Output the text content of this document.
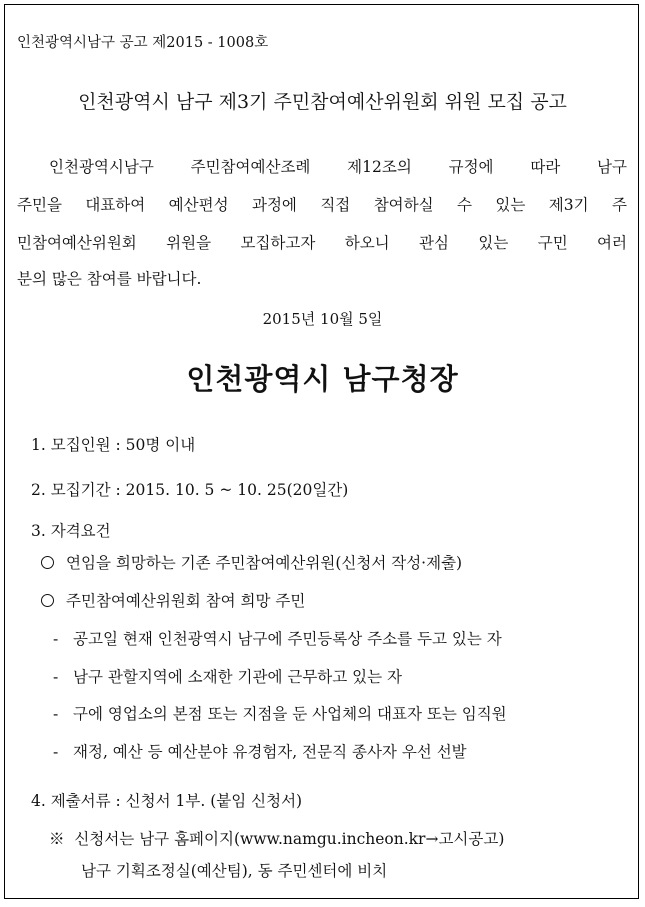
인천광역시남구 공고 제2015 - 1008호
인천광역시 남구 제3기 주민참여예산위원회 위원 모집 공고
인천광역시남구 주민참여예산조례 제12조의 규정에 따라 남구
주민을 대표하여 예산편성 과정에 직접 참여하실 수 있는 제3기 주
민참여예산위원회 위원을 모집하고자 하오니 관심 있는 구민 여러
분의 많은 참여를 바랍니다.
2015년 10월 5일
인천광역시 남구청장
1. 모집인원 : 50명 이내
2. 모집기간 : 2015. 10. 5 ~ 10. 25(20일간)
3. 자격요건
연임을 희망하는 기존 주민참여예산위원(신청서 작성·제출)
주민참여예산위원회 참여 희망 주민
- 공고일 현재 인천광역시 남구에 주민등록상 주소를 두고 있는 자
- 남구 관할지역에 소재한 기관에 근무하고 있는 자
- 구에 영업소의 본점 또는 지점을 둔 사업체의 대표자 또는 임직원
- 재정, 예산 등 예산분야 유경험자, 전문직 종사자 우선 선발
4. 제출서류 : 신청서 1부. (붙임 신청서)
※ 신청서는 남구 홈페이지(www.namgu.incheon.kr→고시공고)
남구 기획조정실(예산팀), 동 주민센터에 비치
